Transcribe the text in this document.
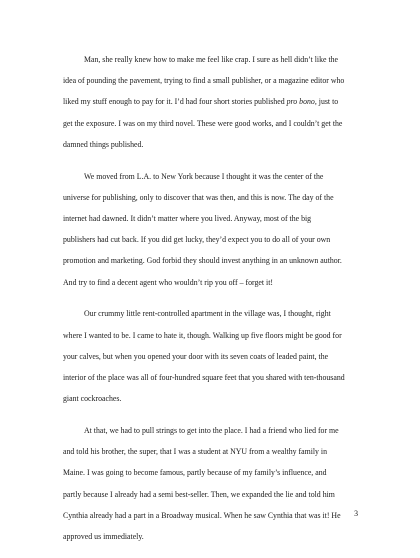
Man, she really knew how to make me feel like crap. I sure as hell didn’t like the
idea of pounding the pavement, trying to find a small publisher, or a magazine editor who
liked my stuff enough to pay for it. I’d had four short stories published pro bono, just to
get the exposure. I was on my third novel. These were good works, and I couldn’t get the
damned things published.

We moved from L.A. to New York because I thought it was the center of the
universe for publishing, only to discover that was then, and this is now. The day of the
internet had dawned. It didn’t matter where you lived. Anyway, most of the big
publishers had cut back. If you did get lucky, they’d expect you to do all of your own
promotion and marketing. God forbid they should invest anything in an unknown author.
And try to find a decent agent who wouldn’t rip you off – forget it!

Our crummy little rent-controlled apartment in the village was, I thought, right
where I wanted to be. I came to hate it, though. Walking up five floors might be good for
your calves, but when you opened your door with its seven coats of leaded paint, the
interior of the place was all of four-hundred square feet that you shared with ten-thousand
giant cockroaches.

At that, we had to pull strings to get into the place. I had a friend who lied for me
and told his brother, the super, that I was a student at NYU from a wealthy family in
Maine. I was going to become famous, partly because of my family’s influence, and
partly because I already had a semi best-seller. Then, we expanded the lie and told him
Cynthia already had a part in a Broadway musical. When he saw Cynthia that was it! He
approved us immediately.

3
